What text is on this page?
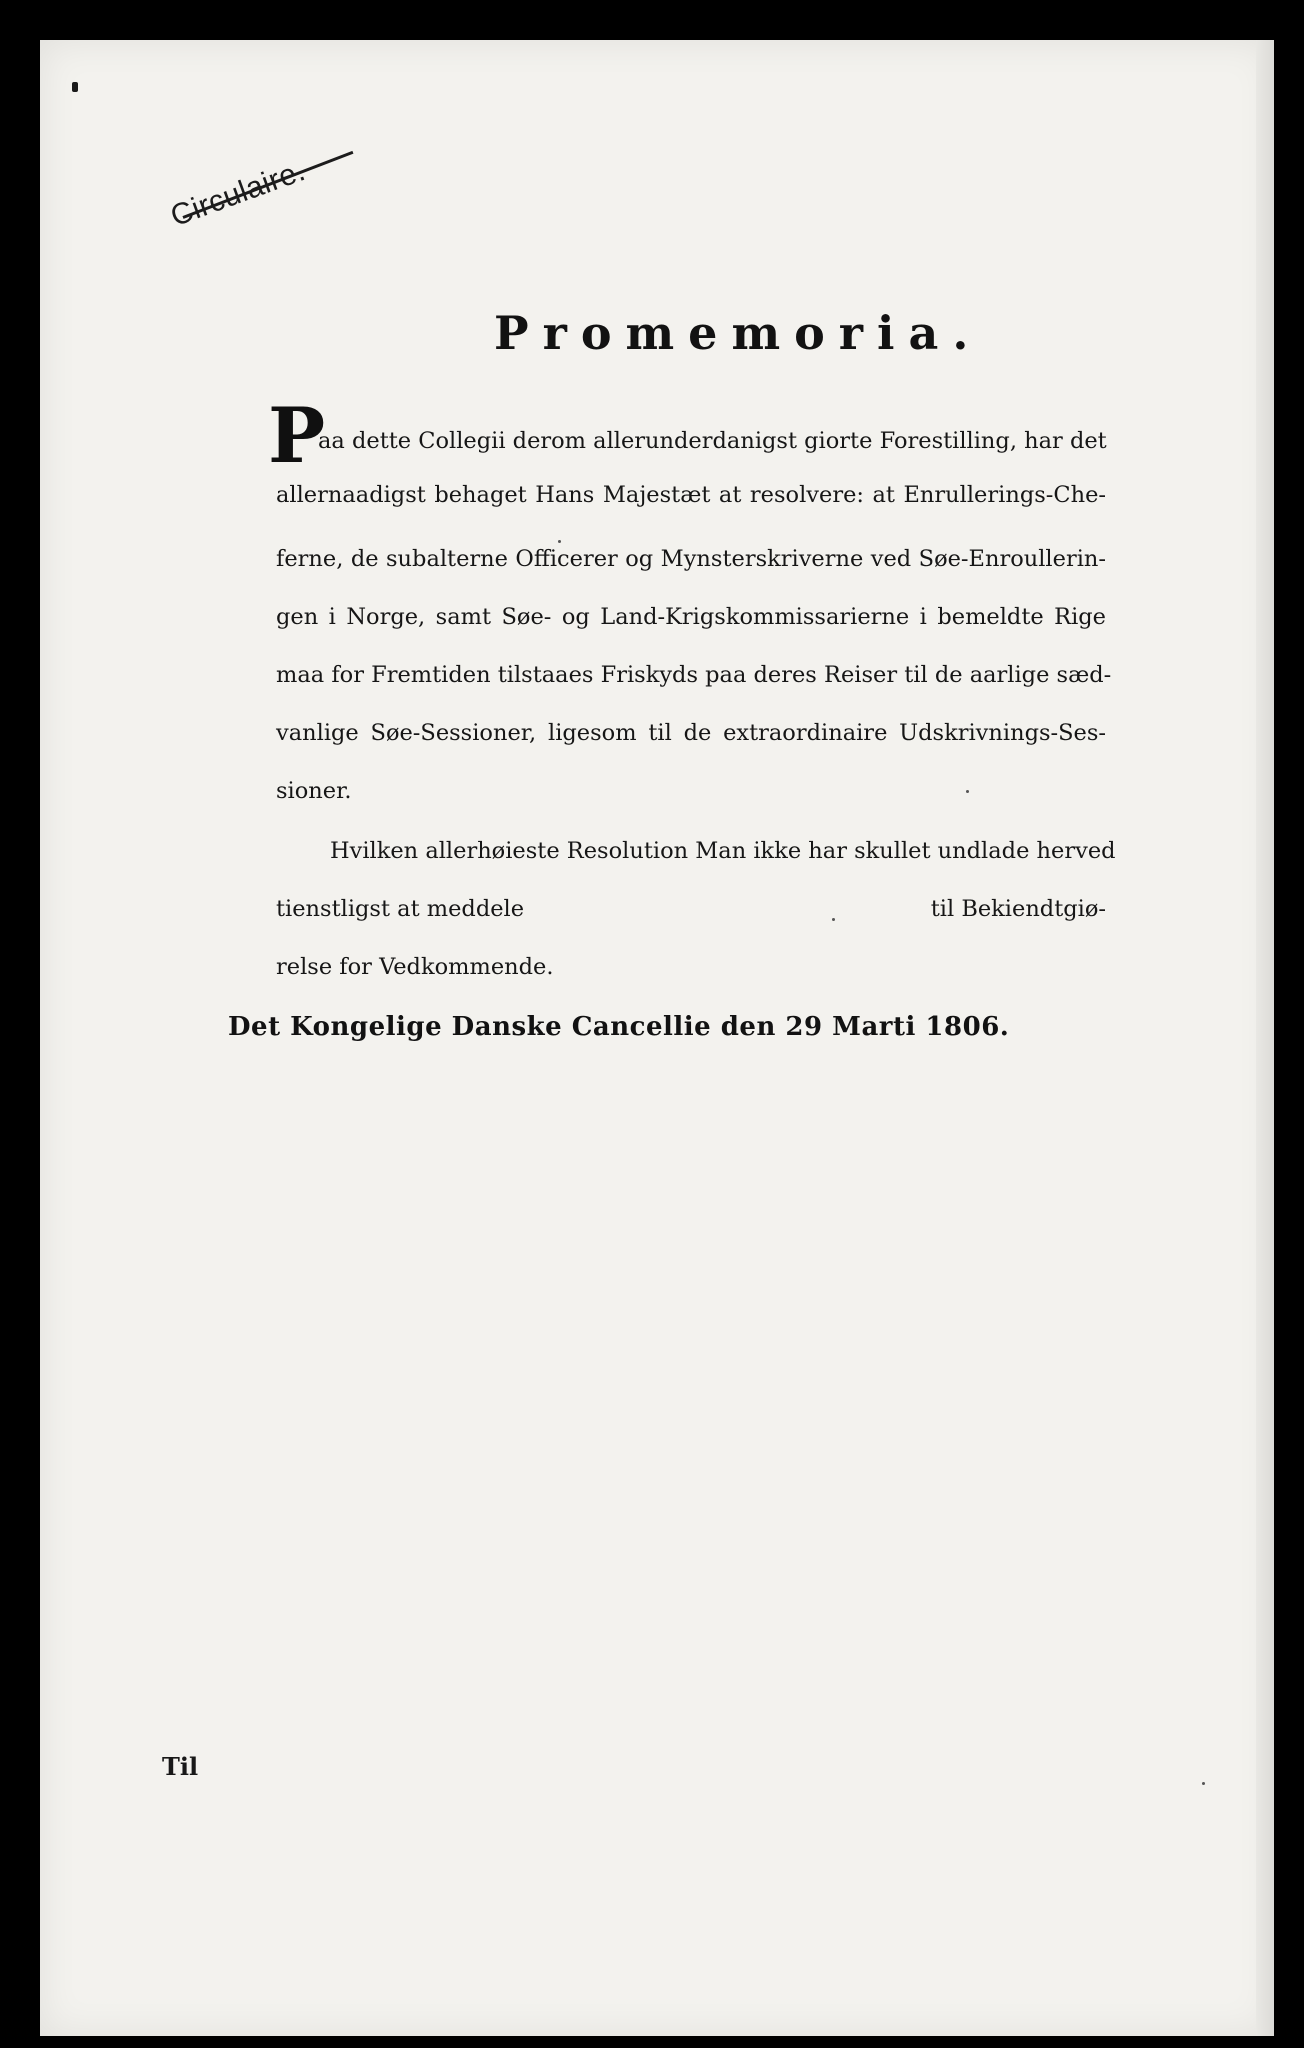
Promemoria.
P
aa dette Collegii derom allerunderdanigst giorte Forestilling, har det
allernaadigst behaget Hans Majestæt at resolvere: at Enrullerings-Che-
ferne, de subalterne Officerer og Mynsterskriverne ved Søe-Enroullerin-
gen i Norge, samt Søe- og Land-Krigskommissarierne i bemeldte Rige
maa for Fremtiden tilstaaes Friskyds paa deres Reiser til de aarlige sæd-
vanlige Søe-Sessioner, ligesom til de extraordinaire Udskrivnings-Ses-
sioner.
Hvilken allerhøieste Resolution Man ikke har skullet undlade herved
tienstligst at meddele	til Bekiendtgiø-
relse for Vedkommende.
Det Kongelige Danske Cancellie den 29 Marti 1806.
Til
